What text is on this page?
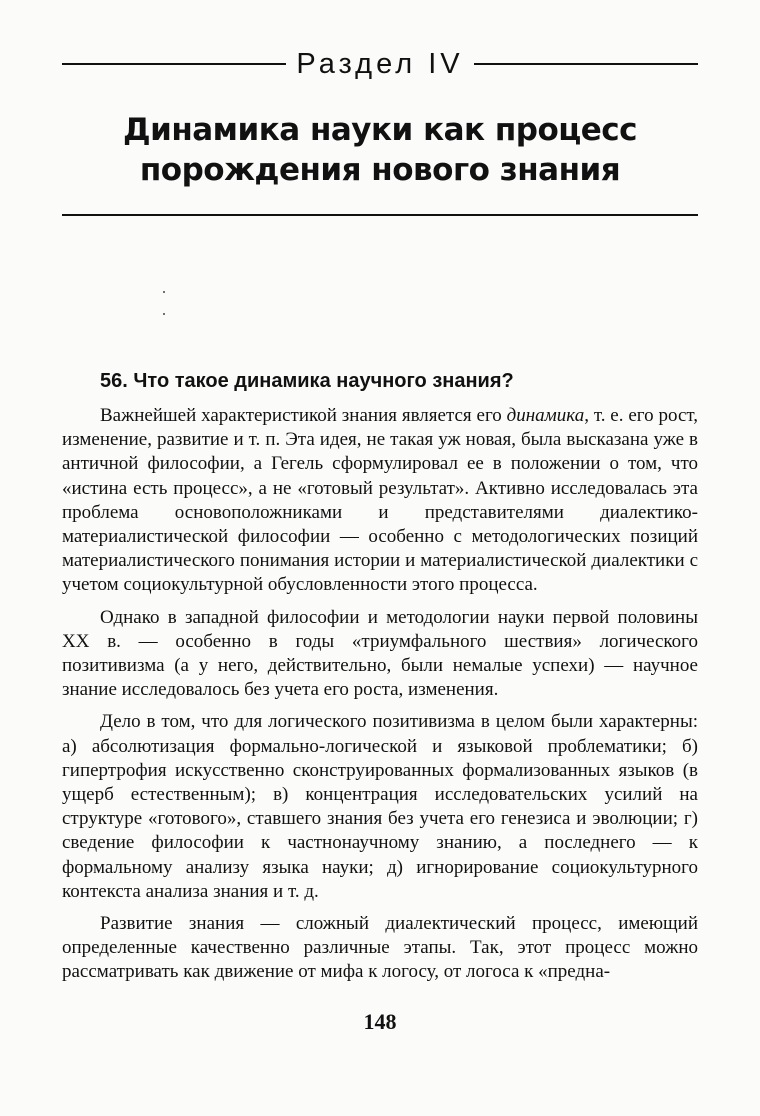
Раздел IV
Динамика науки как процесс
порождения нового знания
56. Что такое динамика научного знания?

Важнейшей характеристикой знания является его динамика, т. е. его рост, изменение, развитие и т. п. Эта идея, не такая уж новая, была высказана уже в античной философии, а Гегель сформулировал ее в положении о том, что «истина есть процесс», а не «готовый результат». Активно исследовалась эта проблема основоположниками и представителями диалектико-материалистической философии — особенно с методологических позиций материалистического понимания истории и материалистической диалектики с учетом социокультурной обусловленности этого процесса.

Однако в западной философии и методологии науки первой половины XX в. — особенно в годы «триумфального шествия» логического позитивизма (а у него, действительно, были немалые успехи) — научное знание исследовалось без учета его роста, изменения.

Дело в том, что для логического позитивизма в целом были характерны: а) абсолютизация формально-логической и языковой проблематики; б) гипертрофия искусственно сконструированных формализованных языков (в ущерб естественным); в) концентрация исследовательских усилий на структуре «готового», ставшего знания без учета его генезиса и эволюции; г) сведение философии к частнонаучному знанию, а последнего — к формальному анализу языка науки; д) игнорирование социокультурного контекста анализа знания и т. д.

Развитие знания — сложный диалектический процесс, имеющий определенные качественно различные этапы. Так, этот процесс можно рассматривать как движение от мифа к логосу, от логоса к «предна-

148
